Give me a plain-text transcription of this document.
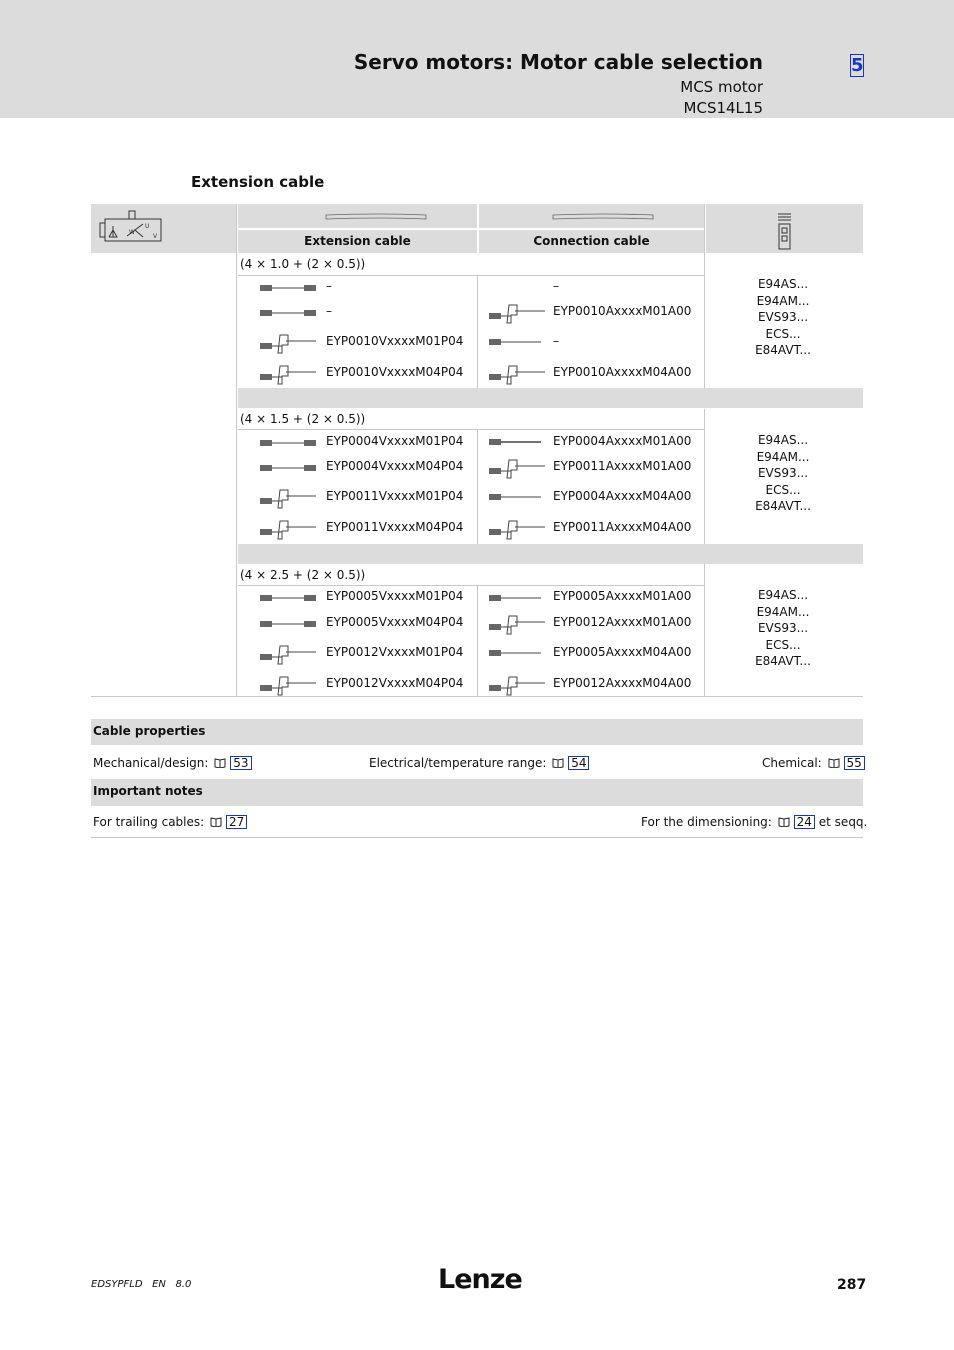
Servo motors: Motor cable selection	5
MCS motor
MCS14L15
Extension cable
W
U
V	Extension cable	Connection cable
(4 × 1.0 + (2 × 0.5))
–	–
–	EYP0010AxxxxM01A00
EYP0010VxxxxM01P04	–
EYP0010VxxxxM04P04	EYP0010AxxxxM04A00
E94AS...
E94AM...
EVS93...
ECS...
E84AVT...
(4 × 1.5 + (2 × 0.5))
EYP0004VxxxxM01P04	EYP0004AxxxxM01A00
EYP0004VxxxxM04P04	EYP0011AxxxxM01A00
EYP0011VxxxxM01P04	EYP0004AxxxxM04A00
EYP0011VxxxxM04P04	EYP0011AxxxxM04A00
E94AS...
E94AM...
EVS93...
ECS...
E84AVT...
(4 × 2.5 + (2 × 0.5))
EYP0005VxxxxM01P04	EYP0005AxxxxM01A00
EYP0005VxxxxM04P04	EYP0012AxxxxM01A00
EYP0012VxxxxM01P04	EYP0005AxxxxM04A00
EYP0012VxxxxM04P04	EYP0012AxxxxM04A00
E94AS...
E94AM...
EVS93...
ECS...
E84AVT...
Cable properties
Mechanical/design: 53	Electrical/temperature range: 54	Chemical: 55
Important notes
For trailing cables: 27	For the dimensioning: 24 et seqq.
EDSYPFLD EN 8.0	Lenze	287
